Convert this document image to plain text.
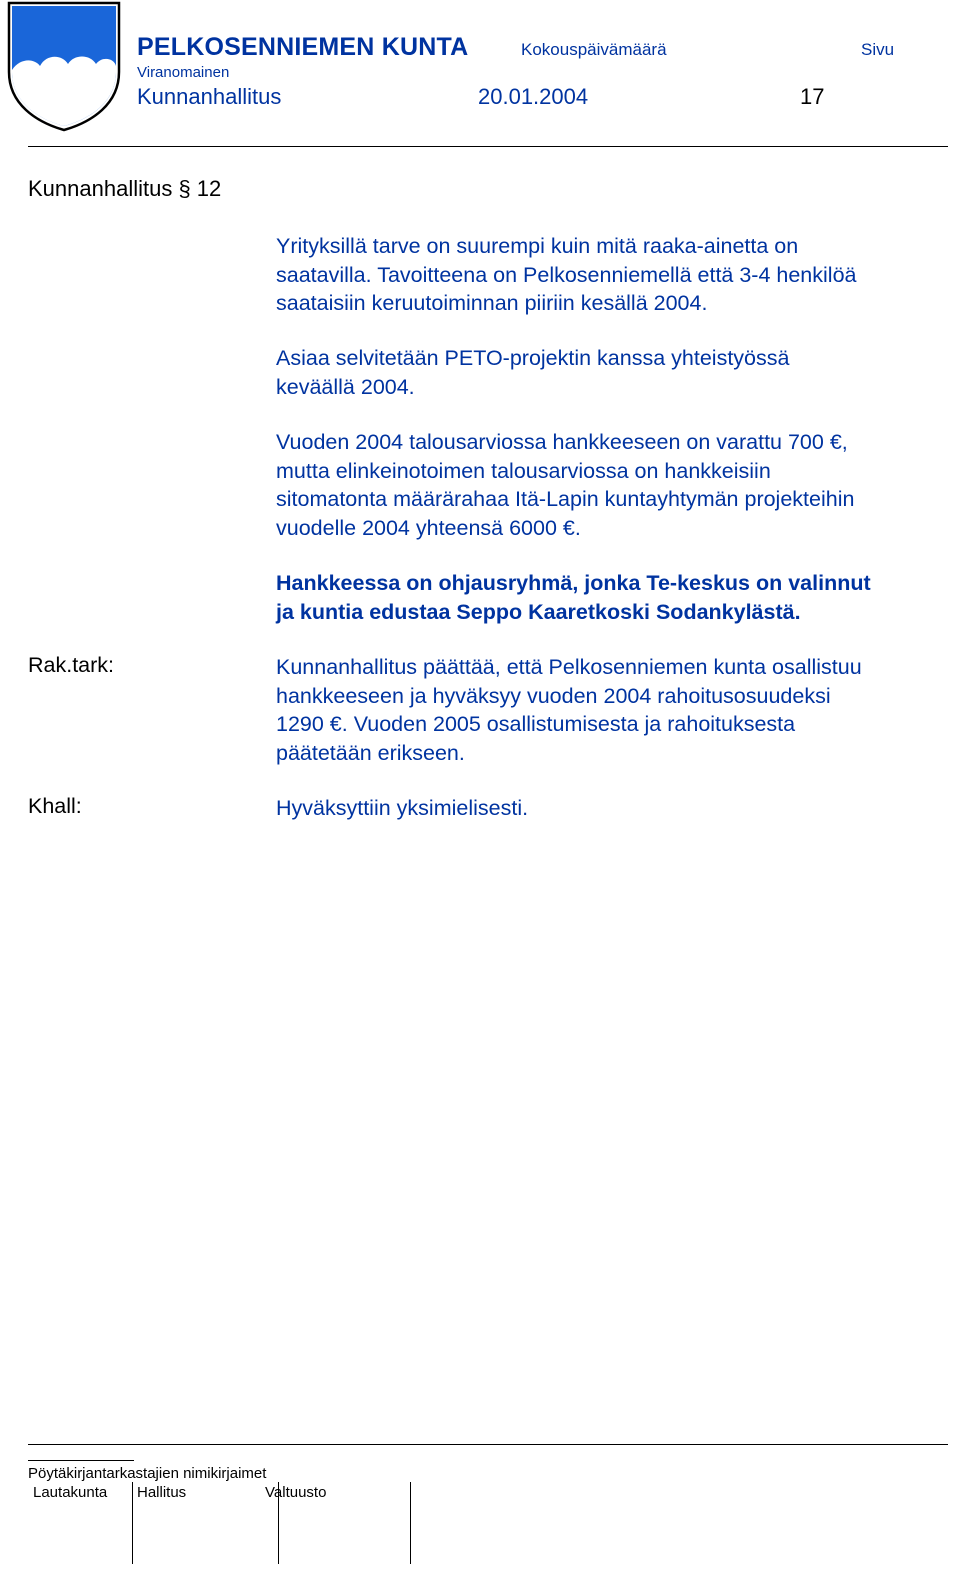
PELKOSENNIEMEN KUNTA	Kokouspäivämäärä	Sivu
Viranomainen
Kunnanhallitus	20.01.2004	17
Kunnanhallitus § 12
Yrityksillä tarve on suurempi kuin mitä raaka-ainetta on
saatavilla. Tavoitteena on Pelkosenniemellä että 3-4 henkilöä
saataisiin keruutoiminnan piiriin kesällä 2004.
Asiaa selvitetään PETO-projektin kanssa yhteistyössä
keväällä 2004.
Vuoden 2004 talousarviossa hankkeeseen on varattu 700 €,
mutta elinkeinotoimen talousarviossa on hankkeisiin
sitomatonta määrärahaa Itä-Lapin kuntayhtymän projekteihin
vuodelle 2004 yhteensä 6000 €.
Hankkeessa on ohjausryhmä, jonka Te-keskus on valinnut
ja kuntia edustaa Seppo Kaaretkoski Sodankylästä.
Rak.tark:	Kunnanhallitus päättää, että Pelkosenniemen kunta osallistuu
hankkeeseen ja hyväksyy vuoden 2004 rahoitusosuudeksi
1290 €. Vuoden 2005 osallistumisesta ja rahoituksesta
päätetään erikseen.
Khall:	Hyväksyttiin yksimielisesti.
Pöytäkirjantarkastajien nimikirjaimet
Lautakunta Hallitus	Valtuusto
